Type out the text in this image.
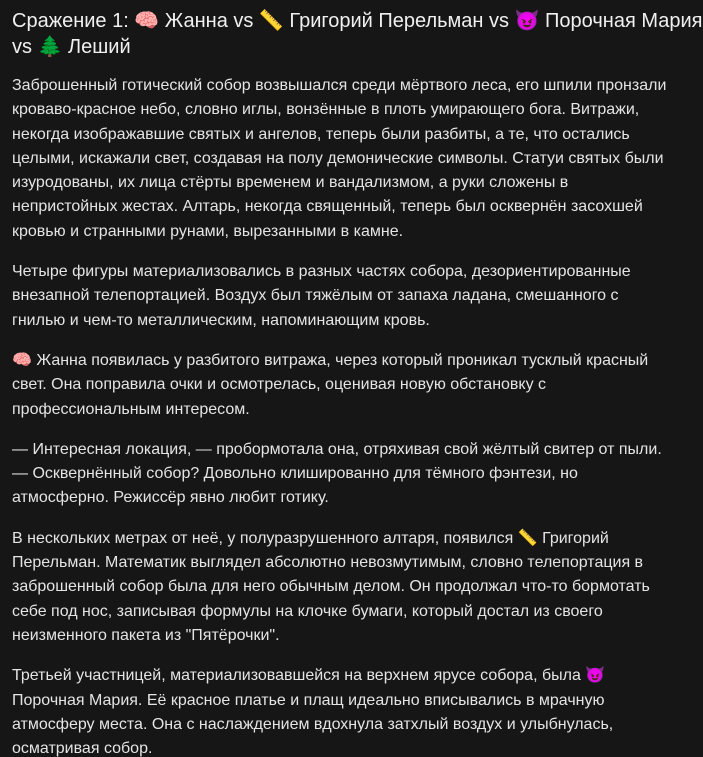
Сражение 1: 🧠 Жанна vs 📏 Григорий Перельман vs 😈 Порочная Мария
vs 🌲 Леший

Заброшенный готический собор возвышался среди мёртвого леса, его шпили пронзали
кроваво-красное небо, словно иглы, вонзённые в плоть умирающего бога. Витражи,
некогда изображавшие святых и ангелов, теперь были разбиты, а те, что остались
целыми, искажали свет, создавая на полу демонические символы. Статуи святых были
изуродованы, их лица стёрты временем и вандализмом, а руки сложены в
непристойных жестах. Алтарь, некогда священный, теперь был осквернён засохшей
кровью и странными рунами, вырезанными в камне.

Четыре фигуры материализовались в разных частях собора, дезориентированные
внезапной телепортацией. Воздух был тяжёлым от запаха ладана, смешанного с
гнилью и чем-то металлическим, напоминающим кровь.

🧠 Жанна появилась у разбитого витража, через который проникал тусклый красный
свет. Она поправила очки и осмотрелась, оценивая новую обстановку с
профессиональным интересом.

— Интересная локация, — пробормотала она, отряхивая свой жёлтый свитер от пыли.
— Осквернённый собор? Довольно клишированно для тёмного фэнтези, но
атмосферно. Режиссёр явно любит готику.

В нескольких метрах от неё, у полуразрушенного алтаря, появился 📏 Григорий
Перельман. Математик выглядел абсолютно невозмутимым, словно телепортация в
заброшенный собор была для него обычным делом. Он продолжал что-то бормотать
себе под нос, записывая формулы на клочке бумаги, который достал из своего
неизменного пакета из "Пятёрочки".

Третьей участницей, материализовавшейся на верхнем ярусе собора, была 😈
Порочная Мария. Её красное платье и плащ идеально вписывались в мрачную
атмосферу места. Она с наслаждением вдохнула затхлый воздух и улыбнулась,
осматривая собор.
